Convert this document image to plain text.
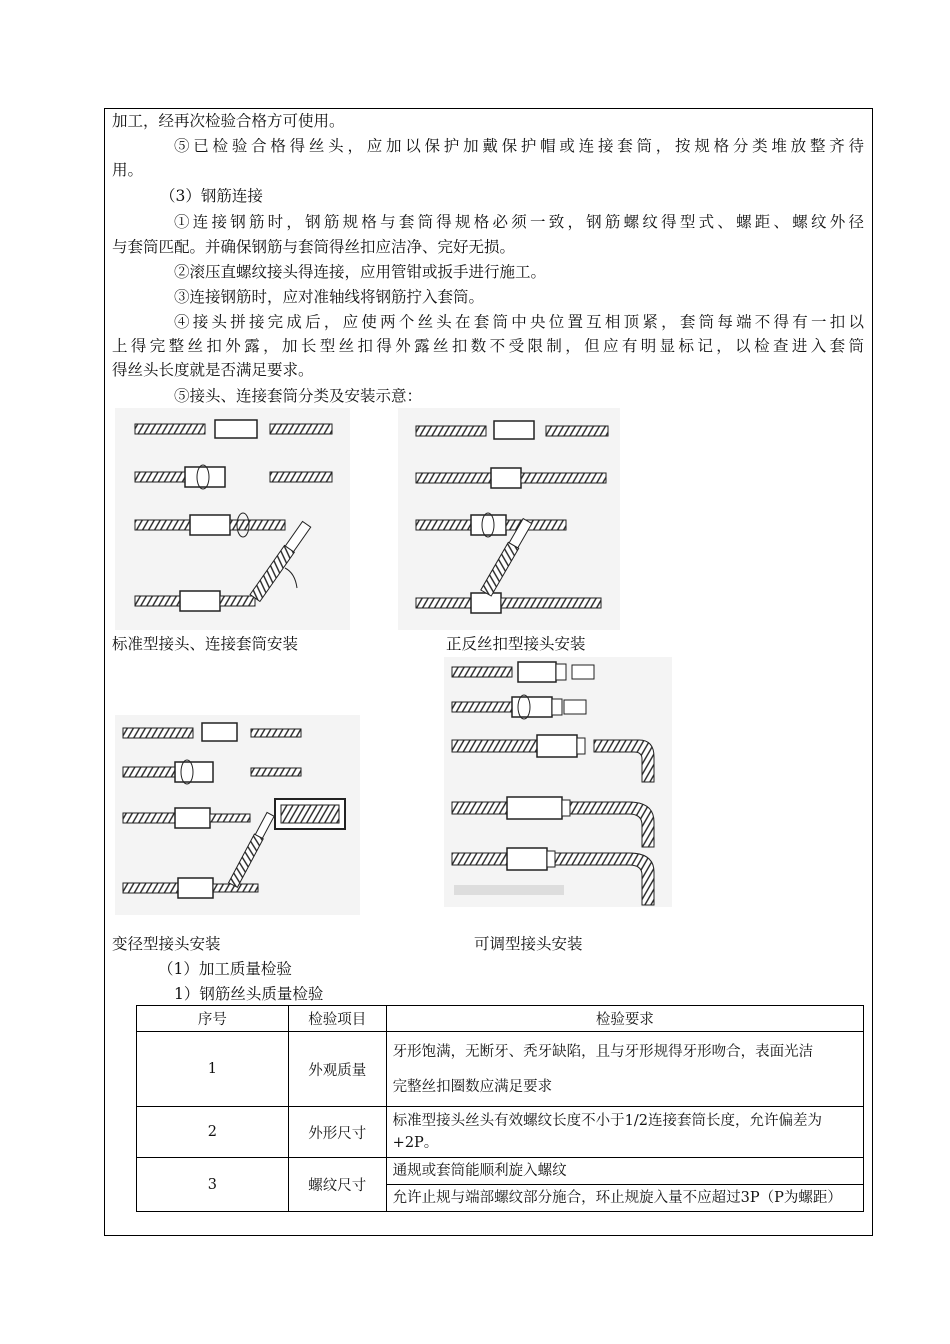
加工，经再次检验合格方可使用。
⑤已检验合格得丝头，应加以保护加戴保护帽或连接套筒，按规格分类堆放整齐待
用。
（3）钢筋连接
①连接钢筋时，钢筋规格与套筒得规格必须一致，钢筋螺纹得型式、螺距、螺纹外径
与套筒匹配。并确保钢筋与套筒得丝扣应洁净、完好无损。
②滚压直螺纹接头得连接，应用管钳或扳手进行施工。
③连接钢筋时，应对准轴线将钢筋拧入套筒。
④接头拼接完成后，应使两个丝头在套筒中央位置互相顶紧，套筒每端不得有一扣以
上得完整丝扣外露，加长型丝扣得外露丝扣数不受限制，但应有明显标记，以检查进入套筒
得丝头长度就是否满足要求。
⑤接头、连接套筒分类及安装示意：
标准型接头、连接套筒安装	正反丝扣型接头安装
变径型接头安装	可调型接头安装
（1）加工质量检验
1）钢筋丝头质量检验
序号	检验项目	检验要求
1	外观质量	牙形饱满，无断牙、秃牙缺陷，且与牙形规得牙形吻合，表面光洁
		完整丝扣圈数应满足要求
2	外形尺寸	标准型接头丝头有效螺纹长度不小于1/2连接套筒长度，允许偏差为+2P。
3	螺纹尺寸	通规或套筒能顺利旋入螺纹
		允许止规与端部螺纹部分施合，环止规旋入量不应超过3P（P为螺距）
